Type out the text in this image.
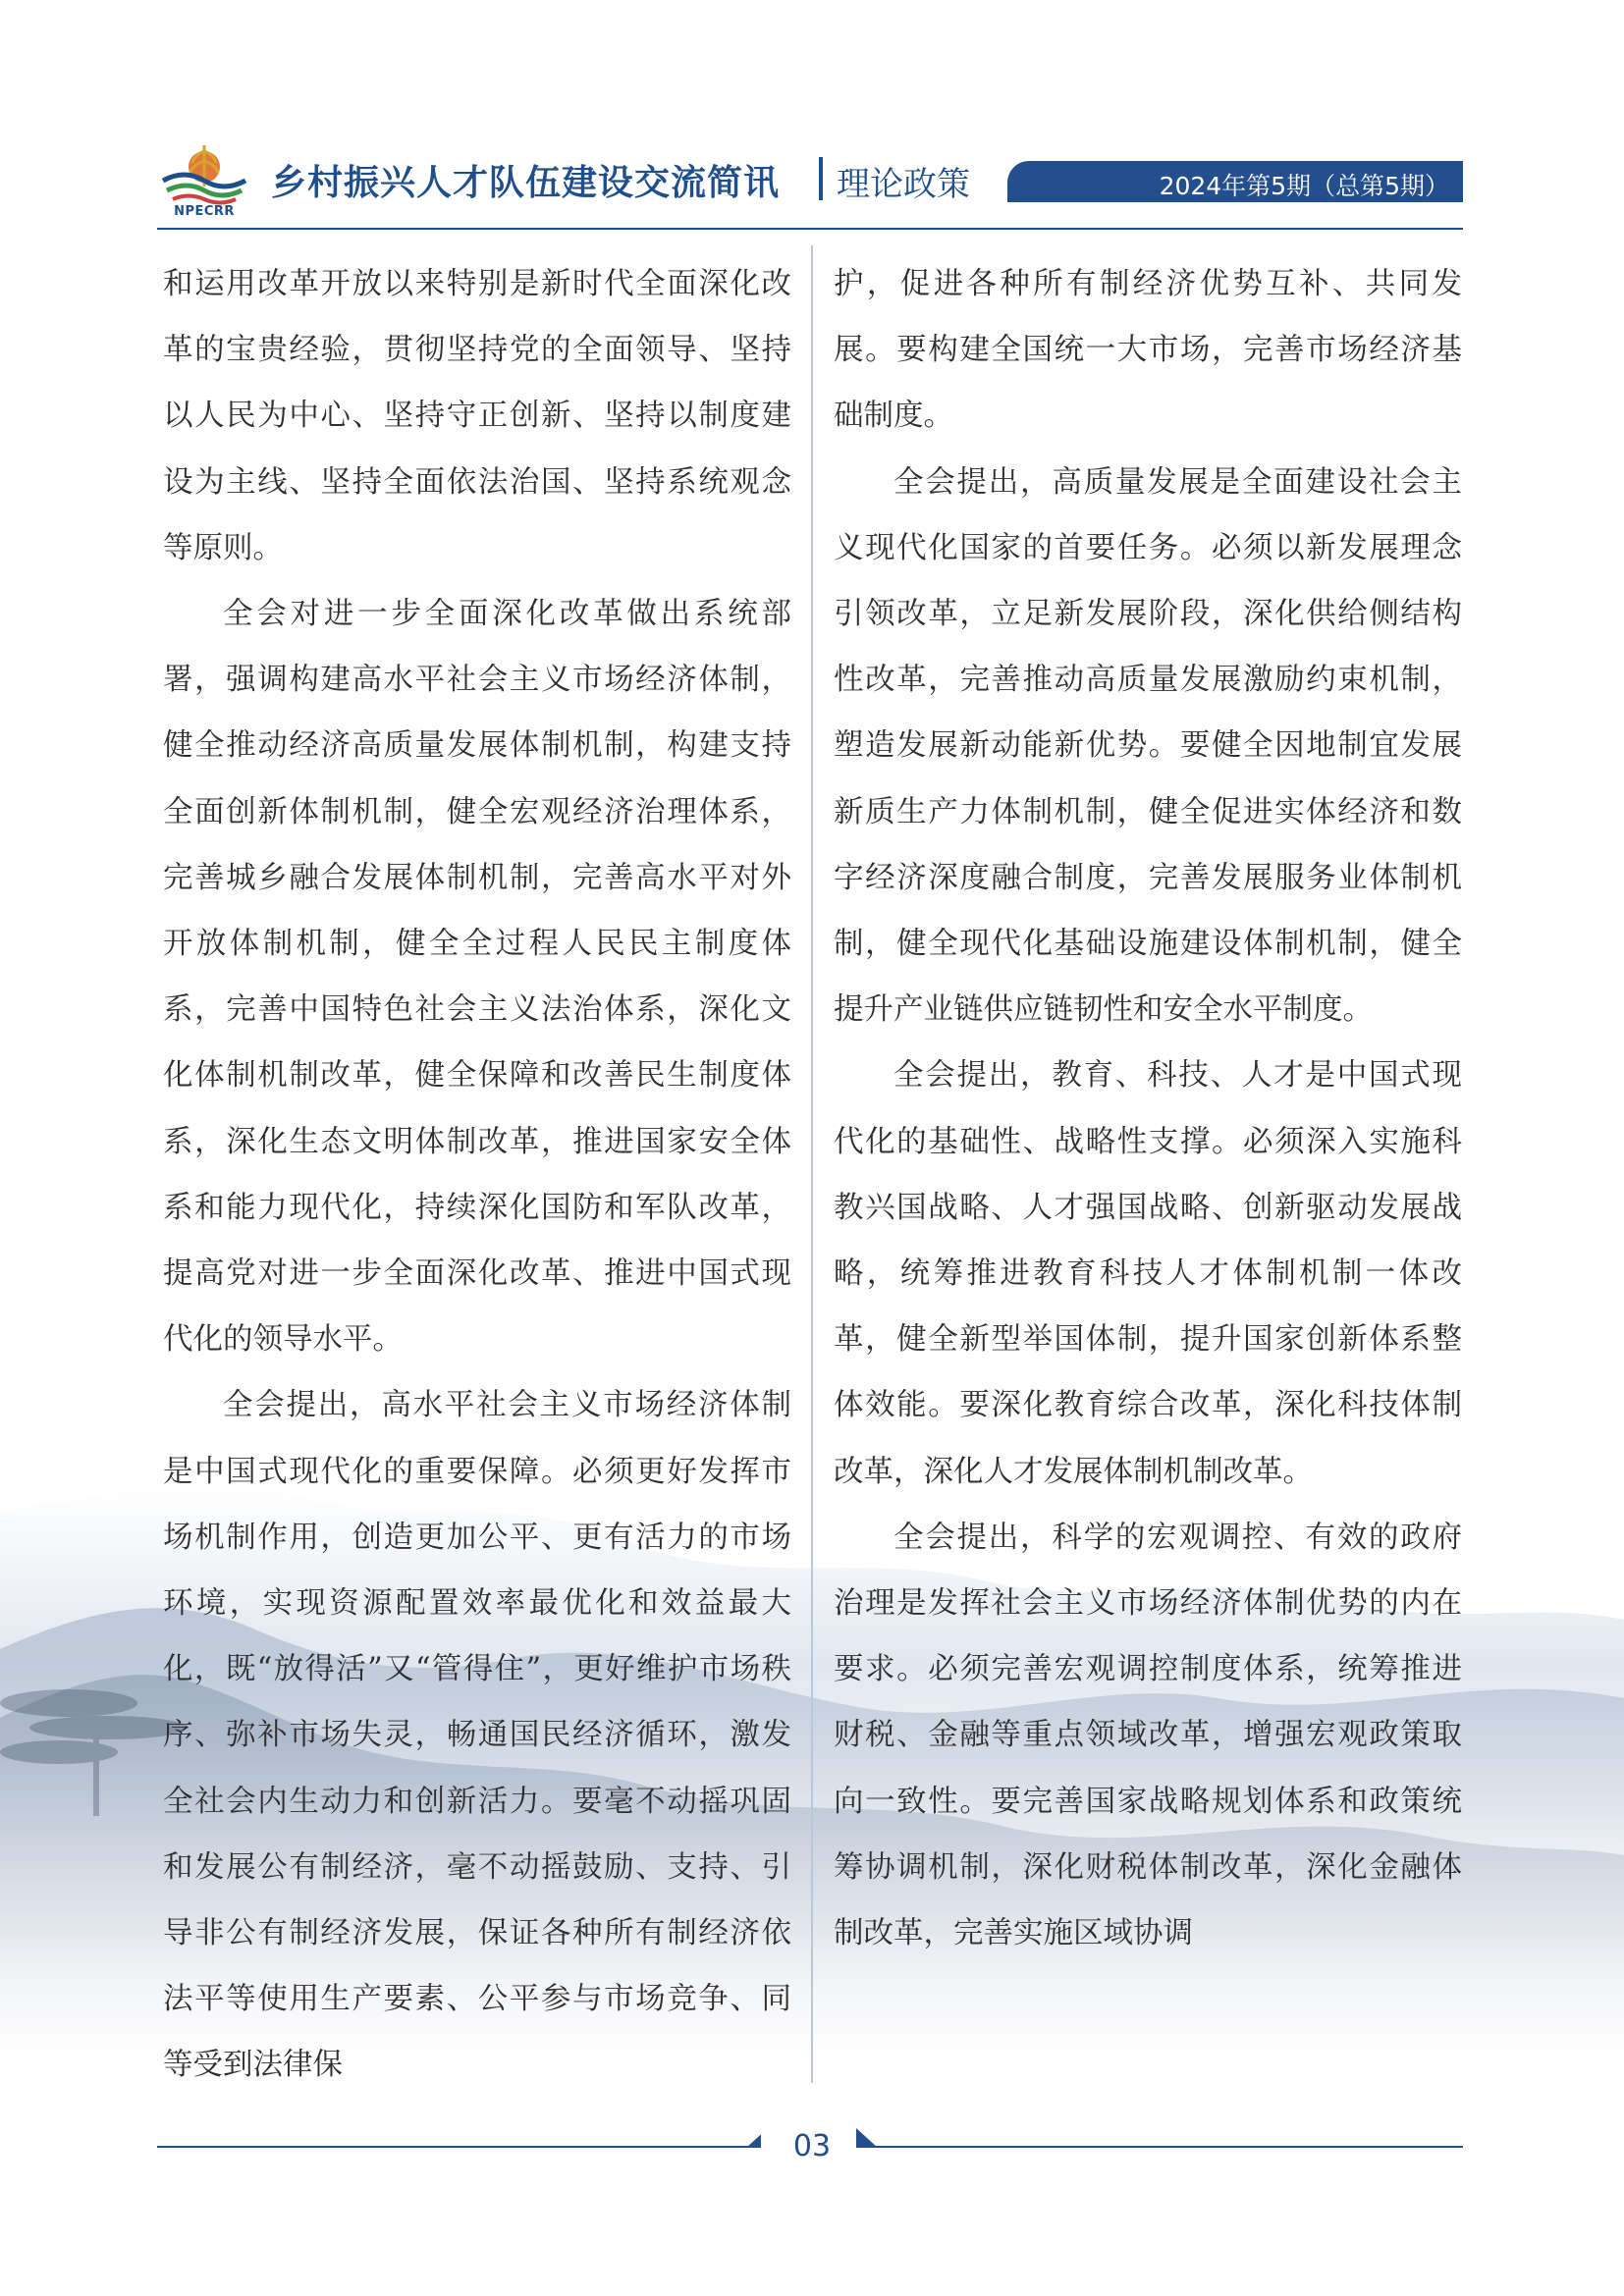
NPECRR
乡村振兴人才队伍建设交流简讯 理论政策	2024年第5期（总第5期）

和运用改革开放以来特别是新时代全面深化改革的宝贵经验，贯彻坚持党的全面领导、坚持以人民为中心、坚持守正创新、坚持以制度建设为主线、坚持全面依法治国、坚持系统观念等原则。

全会对进一步全面深化改革做出系统部署，强调构建高水平社会主义市场经济体制，健全推动经济高质量发展体制机制，构建支持全面创新体制机制，健全宏观经济治理体系，完善城乡融合发展体制机制，完善高水平对外开放体制机制，健全全过程人民民主制度体系，完善中国特色社会主义法治体系，深化文化体制机制改革，健全保障和改善民生制度体系，深化生态文明体制改革，推进国家安全体系和能力现代化，持续深化国防和军队改革，提高党对进一步全面深化改革、推进中国式现代化的领导水平。

全会提出，高水平社会主义市场经济体制是中国式现代化的重要保障。必须更好发挥市场机制作用，创造更加公平、更有活力的市场环境，实现资源配置效率最优化和效益最大化，既“放得活”又“管得住”，更好维护市场秩序、弥补市场失灵，畅通国民经济循环，激发全社会内生动力和创新活力。要毫不动摇巩固和发展公有制经济，毫不动摇鼓励、支持、引导非公有制经济发展，保证各种所有制经济依法平等使用生产要素、公平参与市场竞争、同等受到法律保

护，促进各种所有制经济优势互补、共同发展。要构建全国统一大市场，完善市场经济基础制度。

全会提出，高质量发展是全面建设社会主义现代化国家的首要任务。必须以新发展理念引领改革，立足新发展阶段，深化供给侧结构性改革，完善推动高质量发展激励约束机制，塑造发展新动能新优势。要健全因地制宜发展新质生产力体制机制，健全促进实体经济和数字经济深度融合制度，完善发展服务业体制机制，健全现代化基础设施建设体制机制，健全提升产业链供应链韧性和安全水平制度。

全会提出，教育、科技、人才是中国式现代化的基础性、战略性支撑。必须深入实施科教兴国战略、人才强国战略、创新驱动发展战略，统筹推进教育科技人才体制机制一体改革，健全新型举国体制，提升国家创新体系整体效能。要深化教育综合改革，深化科技体制改革，深化人才发展体制机制改革。

全会提出，科学的宏观调控、有效的政府治理是发挥社会主义市场经济体制优势的内在要求。必须完善宏观调控制度体系，统筹推进财税、金融等重点领域改革，增强宏观政策取向一致性。要完善国家战略规划体系和政策统筹协调机制，深化财税体制改革，深化金融体制改革，完善实施区域协调

03
